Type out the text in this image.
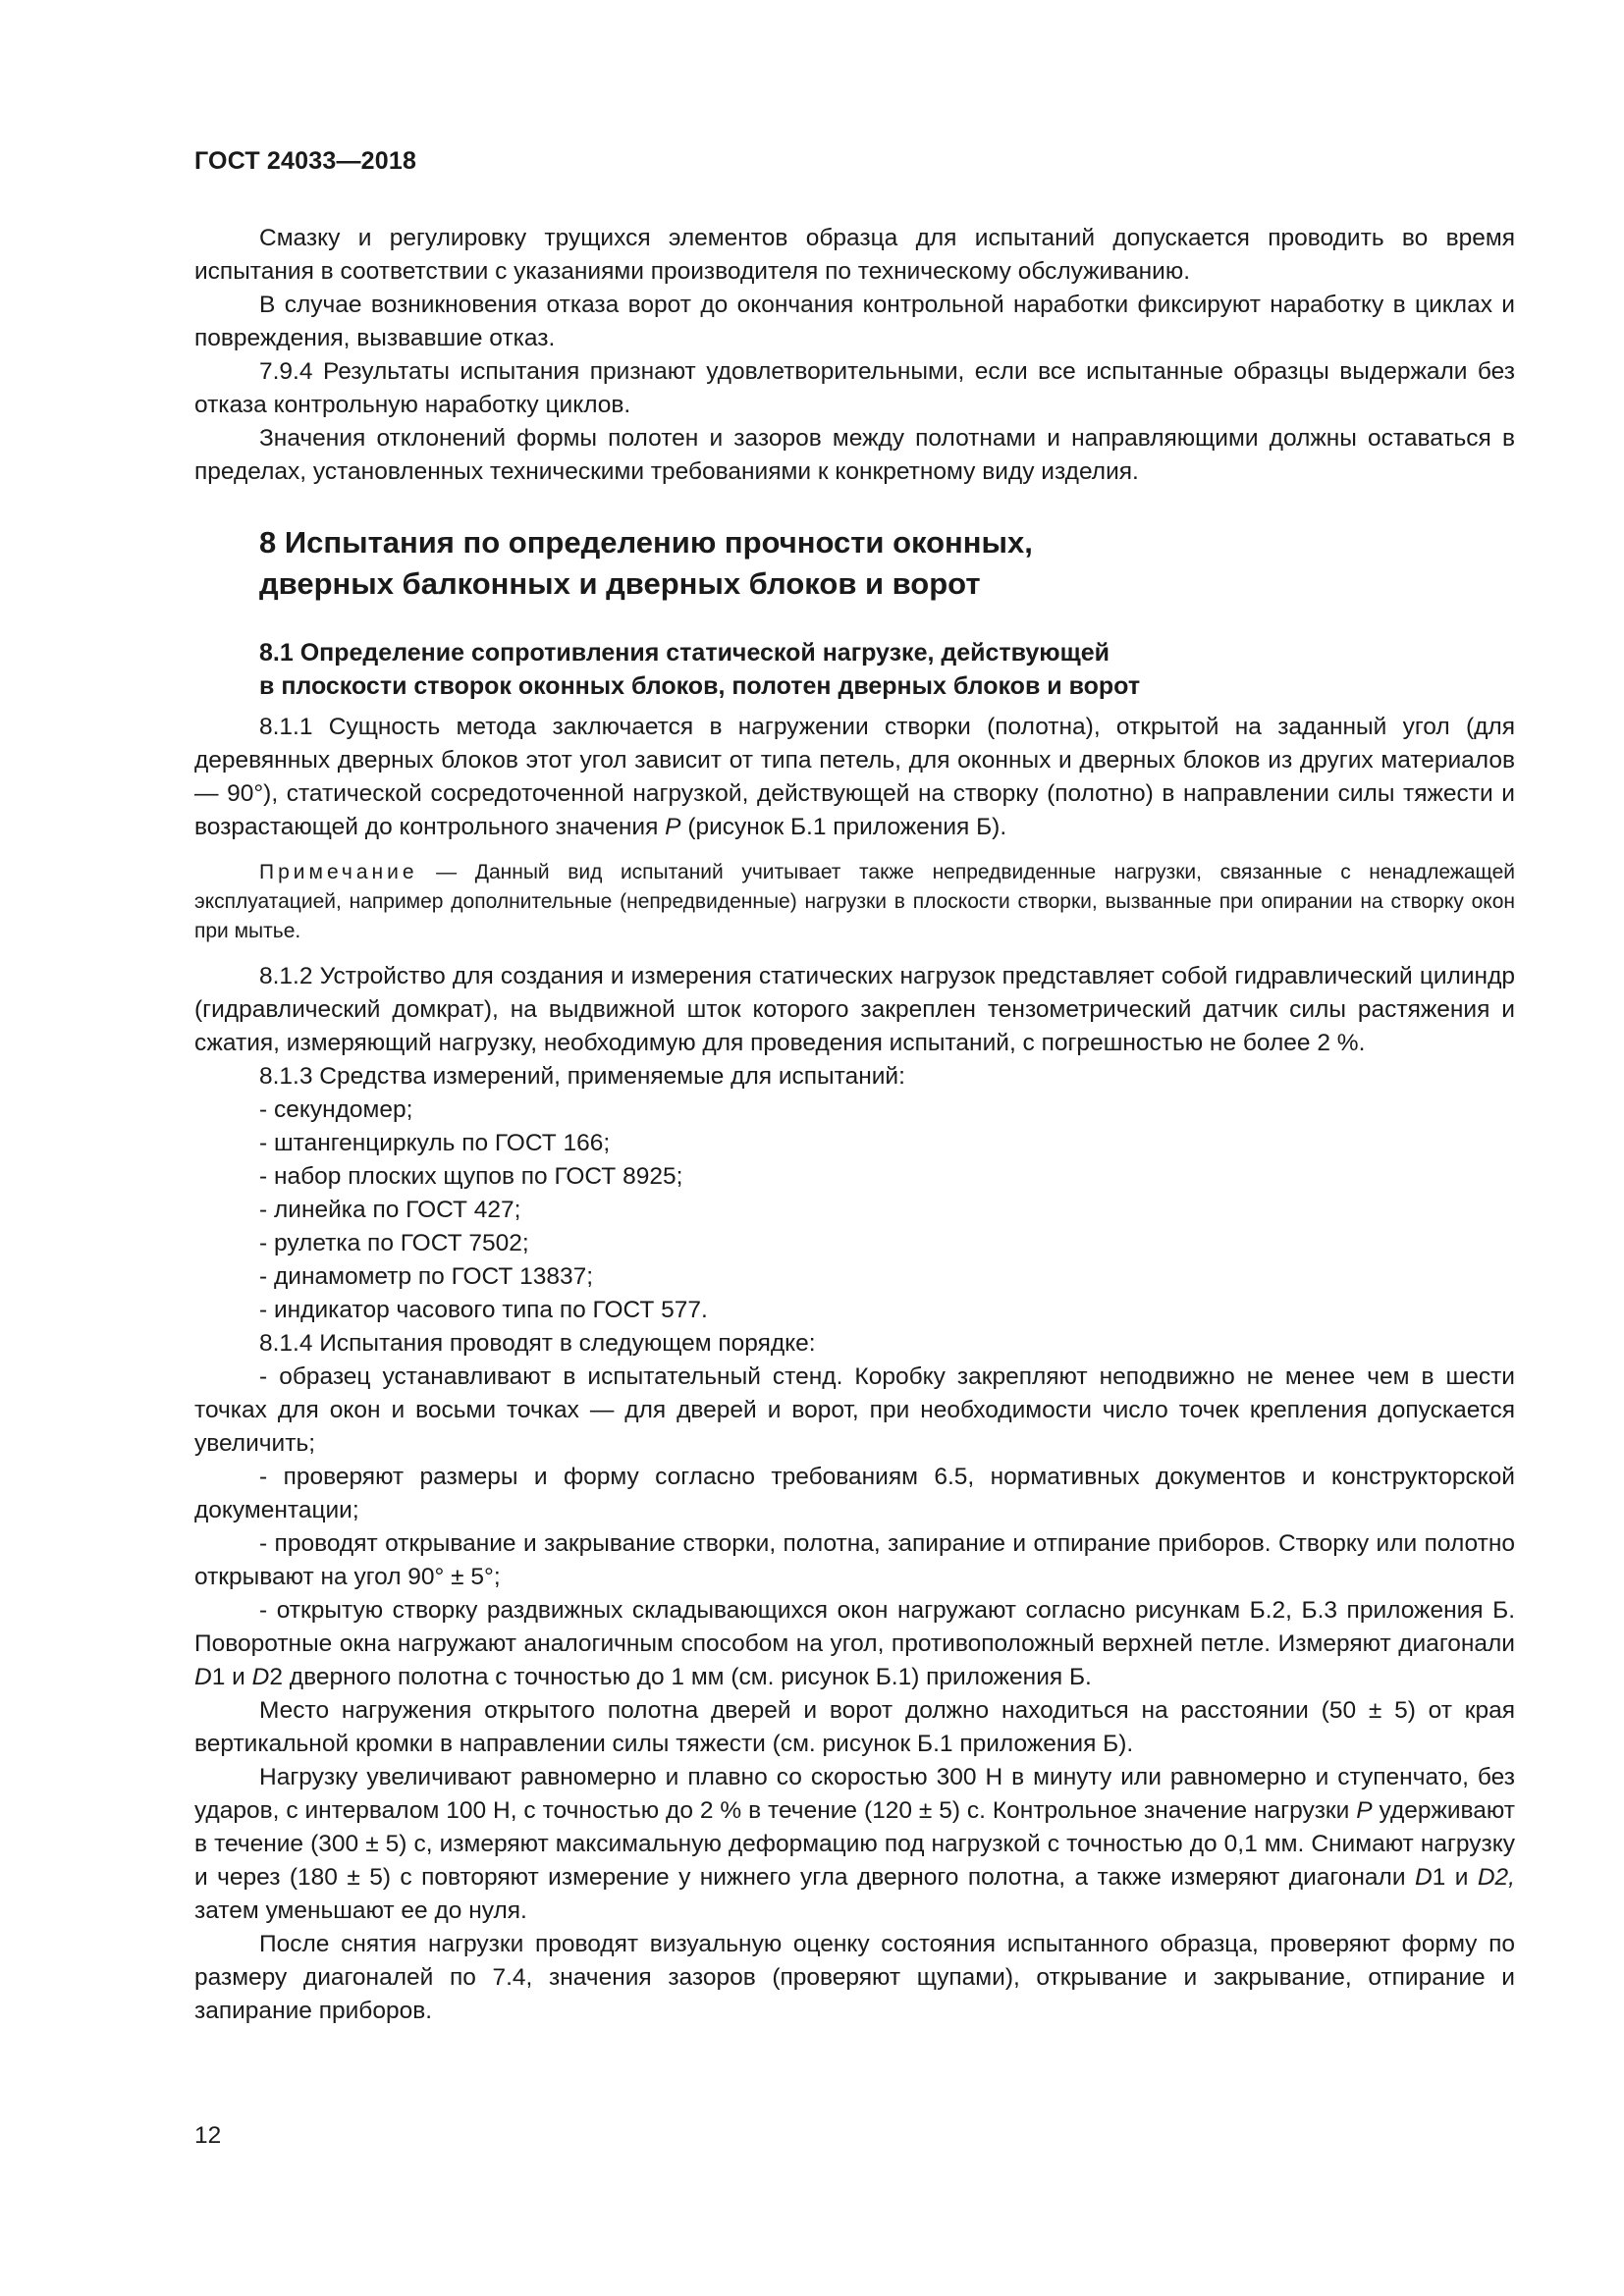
ГОСТ 24033—2018

Смазку и регулировку трущихся элементов образца для испытаний допускается проводить во время испытания в соответствии с указаниями производителя по техническому обслуживанию.

В случае возникновения отказа ворот до окончания контрольной наработки фиксируют наработку в циклах и повреждения, вызвавшие отказ.

7.9.4 Результаты испытания признают удовлетворительными, если все испытанные образцы выдержали без отказа контрольную наработку циклов.

Значения отклонений формы полотен и зазоров между полотнами и направляющими должны оставаться в пределах, установленных техническими требованиями к конкретному виду изделия.

8 Испытания по определению прочности оконных,
дверных балконных и дверных блоков и ворот
8.1 Определение сопротивления статической нагрузке, действующей
в плоскости створок оконных блоков, полотен дверных блоков и ворот

8.1.1 Сущность метода заключается в нагружении створки (полотна), открытой на заданный угол (для деревянных дверных блоков этот угол зависит от типа петель, для оконных и дверных блоков из других материалов — 90°), статической сосредоточенной нагрузкой, действующей на створку (полотно) в направлении силы тяжести и возрастающей до контрольного значения Р (рисунок Б.1 приложения Б).

Примечание — Данный вид испытаний учитывает также непредвиденные нагрузки, связанные с ненадлежащей эксплуатацией, например дополнительные (непредвиденные) нагрузки в плоскости створки, вызванные при опирании на створку окон при мытье.

8.1.2 Устройство для создания и измерения статических нагрузок представляет собой гидравлический цилиндр (гидравлический домкрат), на выдвижной шток которого закреплен тензометрический датчик силы растяжения и сжатия, измеряющий нагрузку, необходимую для проведения испытаний, с погрешностью не более 2 %.

8.1.3 Средства измерений, применяемые для испытаний:

- секундомер;
- штангенциркуль по ГОСТ 166;
- набор плоских щупов по ГОСТ 8925;
- линейка по ГОСТ 427;
- рулетка по ГОСТ 7502;
- динамометр по ГОСТ 13837;
- индикатор часового типа по ГОСТ 577.

8.1.4 Испытания проводят в следующем порядке:

- образец устанавливают в испытательный стенд. Коробку закрепляют неподвижно не менее чем в шести точках для окон и восьми точках — для дверей и ворот, при необходимости число точек крепления допускается увеличить;

- проверяют размеры и форму согласно требованиям 6.5, нормативных документов и конструкторской документации;

- проводят открывание и закрывание створки, полотна, запирание и отпирание приборов. Створку или полотно открывают на угол 90° ± 5°;

- открытую створку раздвижных складывающихся окон нагружают согласно рисункам Б.2, Б.3 приложения Б. Поворотные окна нагружают аналогичным способом на угол, противоположный верхней петле. Измеряют диагонали D1 и D2 дверного полотна с точностью до 1 мм (см. рисунок Б.1) приложения Б.

Место нагружения открытого полотна дверей и ворот должно находиться на расстоянии (50 ± 5) от края вертикальной кромки в направлении силы тяжести (см. рисунок Б.1 приложения Б).

Нагрузку увеличивают равномерно и плавно со скоростью 300 Н в минуту или равномерно и ступенчато, без ударов, с интервалом 100 Н, с точностью до 2 % в течение (120 ± 5) с. Контрольное значение нагрузки Р удерживают в течение (300 ± 5) с, измеряют максимальную деформацию под нагрузкой с точностью до 0,1 мм. Снимают нагрузку и через (180 ± 5) с повторяют измерение у нижнего угла дверного полотна, а также измеряют диагонали D1 и D2, затем уменьшают ее до нуля.

После снятия нагрузки проводят визуальную оценку состояния испытанного образца, проверяют форму по размеру диагоналей по 7.4, значения зазоров (проверяют щупами), открывание и закрывание, отпирание и запирание приборов.

12
